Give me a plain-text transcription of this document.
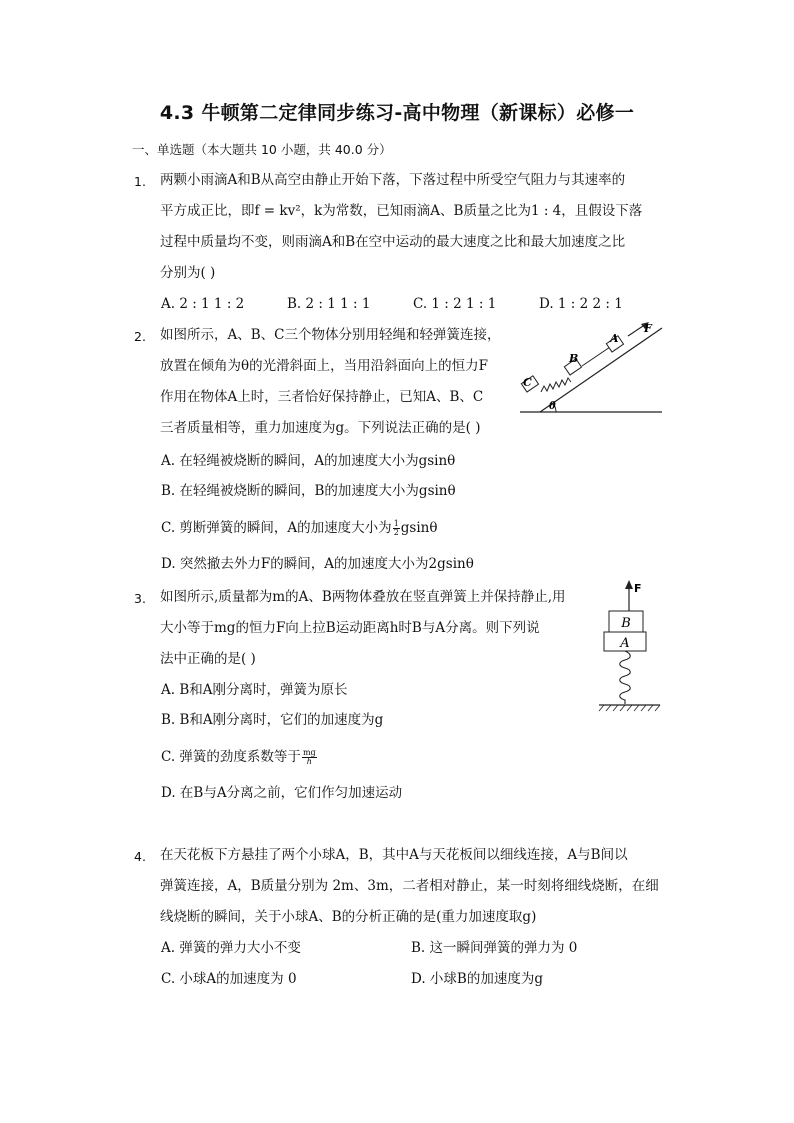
4.3 牛顿第二定律同步练习-高中物理（新课标）必修一
一、单选题（本大题共 10 小题，共 40.0 分）
1. 两颗小雨滴A和B从高空由静止开始下落，下落过程中所受空气阻力与其速率的
平方成正比，即f = kv²，k为常数，已知雨滴A、B质量之比为1 : 4，且假设下落
过程中质量均不变，则雨滴A和B在空中运动的最大速度之比和最大加速度之比
分别为( )
A. 2 : 1 1 : 2	B. 2 : 1 1 : 1	C. 1 : 2 1 : 1	D. 1 : 2 2 : 1
2. 如图所示，A、B、C三个物体分别用轻绳和轻弹簧连接，
放置在倾角为θ的光滑斜面上，当用沿斜面向上的恒力F
作用在物体A上时，三者恰好保持静止，已知A、B、C
三者质量相等，重力加速度为g。下列说法正确的是( )
A. 在轻绳被烧断的瞬间，A的加速度大小为gsinθ
B. 在轻绳被烧断的瞬间，B的加速度大小为gsinθ
C. 剪断弹簧的瞬间，A的加速度大小为 $\frac{1}{2}$ gsinθ
D. 突然撤去外力F的瞬间，A的加速度大小为2gsinθ
θ
C
B
A
F
3. 如图所示,质量都为m的A、B两物体叠放在竖直弹簧上并保持静止,用
大小等于mg的恒力F向上拉B运动距离h时B与A分离。则下列说
法中正确的是( )
A. B和A刚分离时，弹簧为原长
B. B和A刚分离时，它们的加速度为g
C. 弹簧的劲度系数等于 $\frac{mg}{h}$
D. 在B与A分离之前，它们作匀加速运动
F
B
A
4. 在天花板下方悬挂了两个小球A，B，其中A与天花板间以细线连接，A与B间以
弹簧连接，A，B质量分别为 2m、3m，二者相对静止，某一时刻将细线烧断，在细
线烧断的瞬间，关于小球A、B的分析正确的是(重力加速度取g)
A. 弹簧的弹力大小不变	B. 这一瞬间弹簧的弹力为 0
C. 小球A的加速度为 0	D. 小球B的加速度为g
